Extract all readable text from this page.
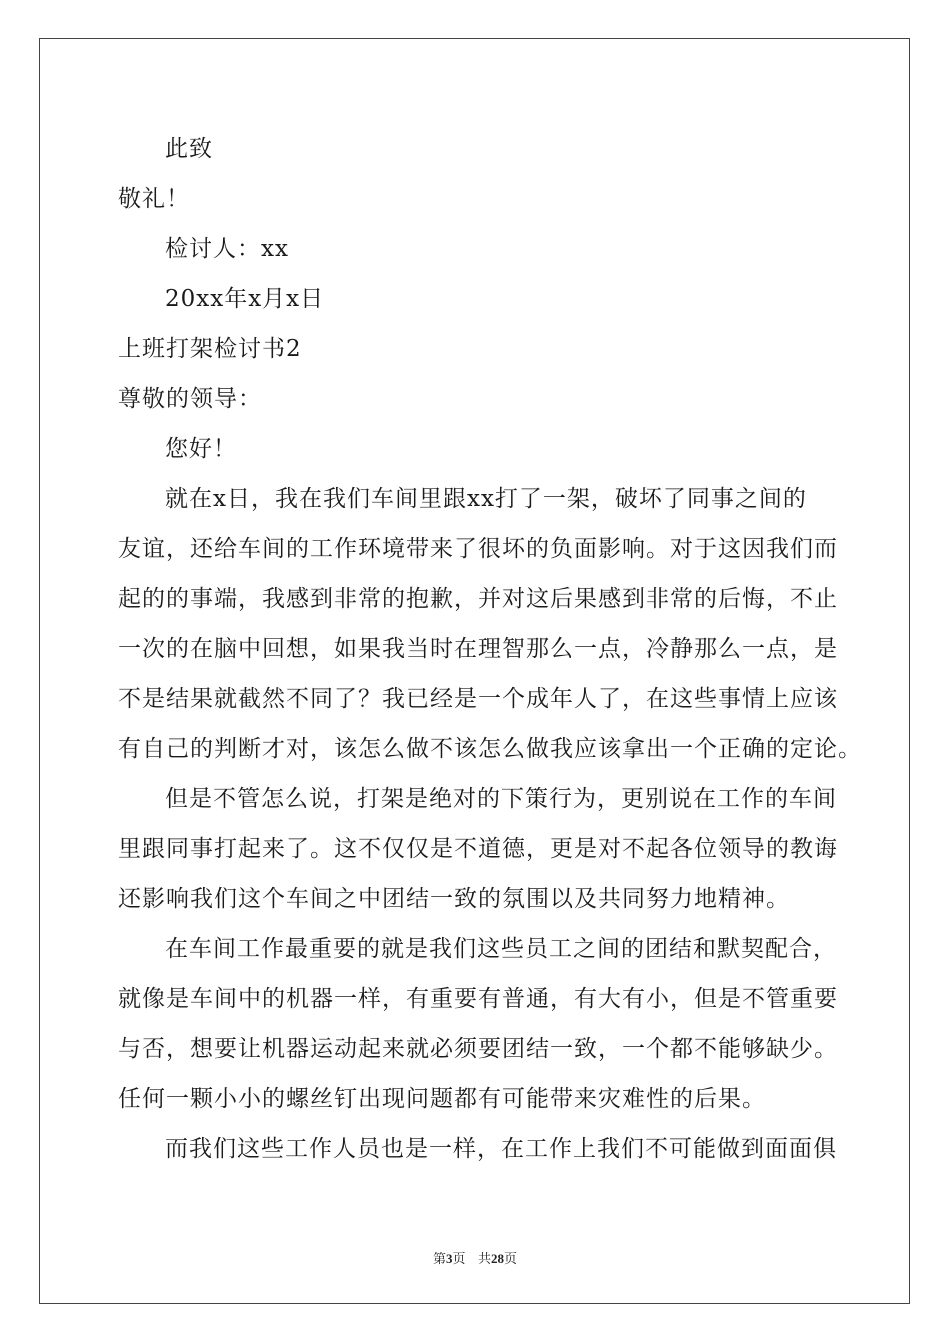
此致
敬礼！
检讨人：xx
20xx年x月x日
上班打架检讨书2
尊敬的领导：
您好！
就在x日，我在我们车间里跟xx打了一架，破坏了同事之间的
友谊，还给车间的工作环境带来了很坏的负面影响。对于这因我们而
起的的事端，我感到非常的抱歉，并对这后果感到非常的后悔，不止
一次的在脑中回想，如果我当时在理智那么一点，冷静那么一点，是
不是结果就截然不同了？我已经是一个成年人了，在这些事情上应该
有自己的判断才对，该怎么做不该怎么做我应该拿出一个正确的定论。
但是不管怎么说，打架是绝对的下策行为，更别说在工作的车间
里跟同事打起来了。这不仅仅是不道德，更是对不起各位领导的教诲
还影响我们这个车间之中团结一致的氛围以及共同努力地精神。
在车间工作最重要的就是我们这些员工之间的团结和默契配合，
就像是车间中的机器一样，有重要有普通，有大有小，但是不管重要
与否，想要让机器运动起来就必须要团结一致，一个都不能够缺少。
任何一颗小小的螺丝钉出现问题都有可能带来灾难性的后果。
而我们这些工作人员也是一样，在工作上我们不可能做到面面俱
第3页 共28页
